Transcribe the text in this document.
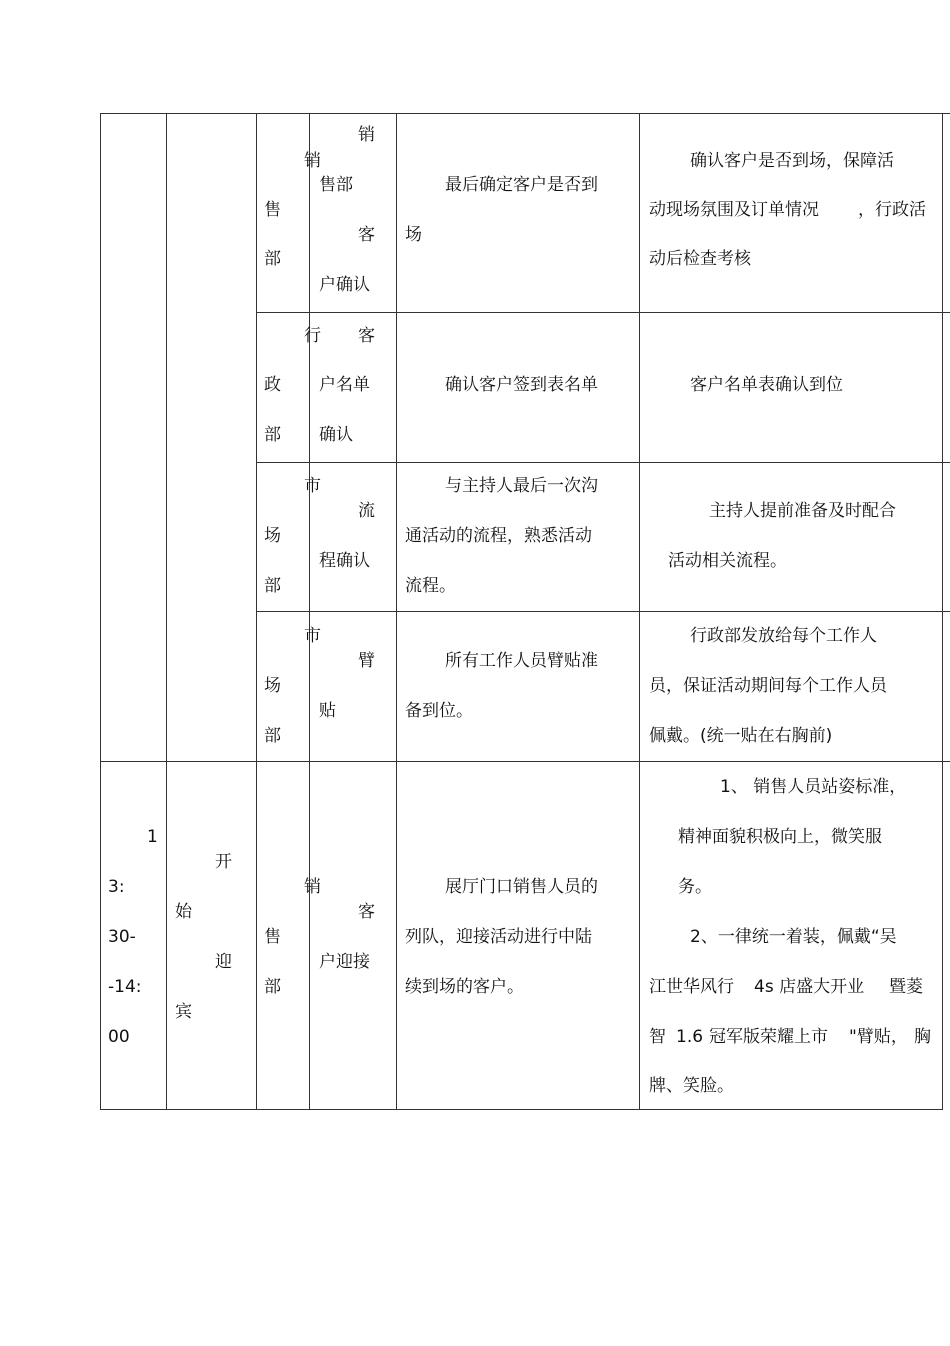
销
售
部
销
售部
客
户确认
最后确定客户是否到
场
确认客户是否到场，保障活
动现场氛围及订单情况 ，行政活
动后检查考核
行
政
部
客
户名单
确认
确认客户签到表名单	客户名单表确认到位
市
场
部
流
程确认
与主持人最后一次沟
通活动的流程，熟悉活动
流程。
主持人提前准备及时配合
活动相关流程。
市
场
部
臂
贴
所有工作人员臂贴准
备到位。
行政部发放给每个工作人
员，保证活动期间每个工作人员
佩戴。(统一贴在右胸前)
1
3:
30-
-14:
00
开
始
迎
宾
销
售
部
客
户迎接
展厅门口销售人员的
列队，迎接活动进行中陆
续到场的客户。
1、 销售人员站姿标准，
精神面貌积极向上，微笑服
务。
2、一律统一着装，佩戴“吴
江世华风行 4s 店盛大开业 暨菱
智 1.6 冠军版荣耀上市 "臂贴， 胸
牌、笑脸。
